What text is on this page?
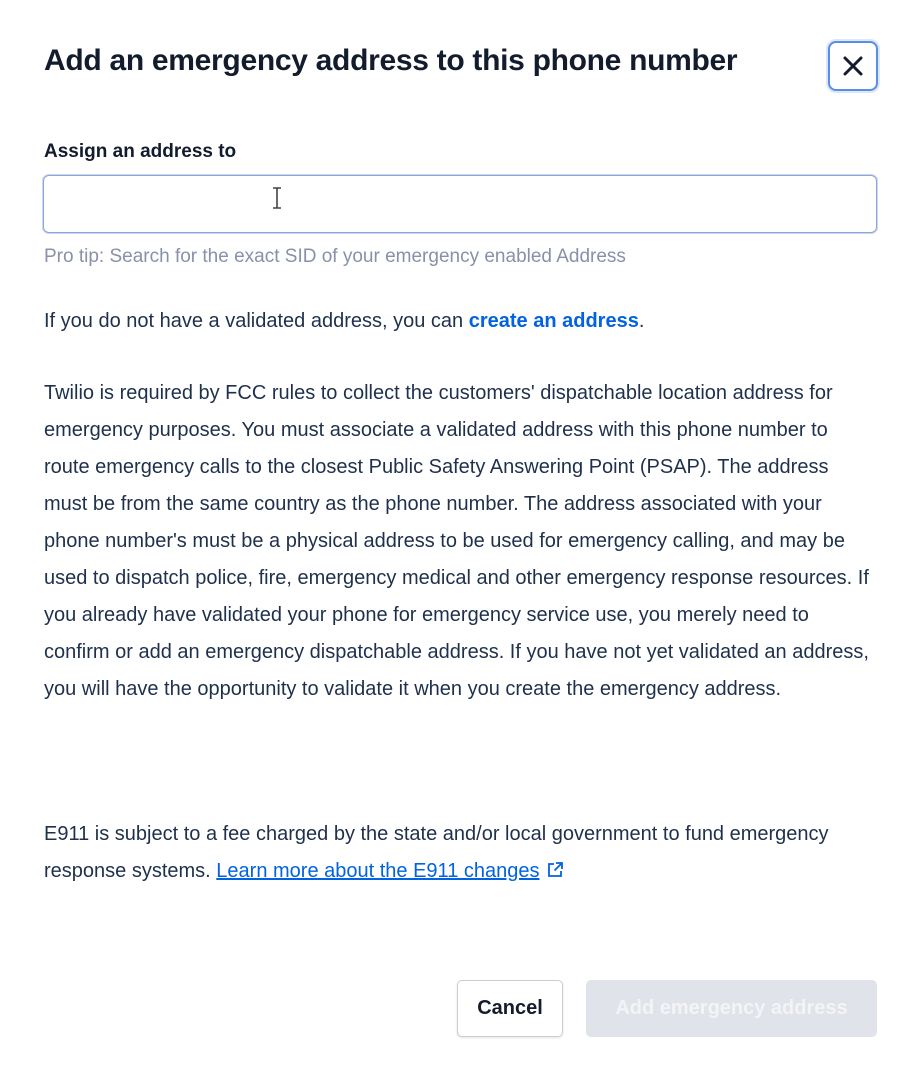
Add an emergency address to this phone number
Assign an address to
Pro tip: Search for the exact SID of your emergency enabled Address

If you do not have a validated address, you can create an address.

Twilio is required by FCC rules to collect the customers' dispatchable location address for emergency purposes. You must associate a validated address with this phone number to route emergency calls to the closest Public Safety Answering Point (PSAP). The address must be from the same country as the phone number. The address associated with your phone number's must be a physical address to be used for emergency calling, and may be used to dispatch police, fire, emergency medical and other emergency response resources. If you already have validated your phone for emergency service use, you merely need to confirm or add an emergency dispatchable address. If you have not yet validated an address, you will have the opportunity to validate it when you create the emergency address.

E911 is subject to a fee charged by the state and/or local government to fund emergency response systems. Learn more about the E911 changes

Cancel	Add emergency address
